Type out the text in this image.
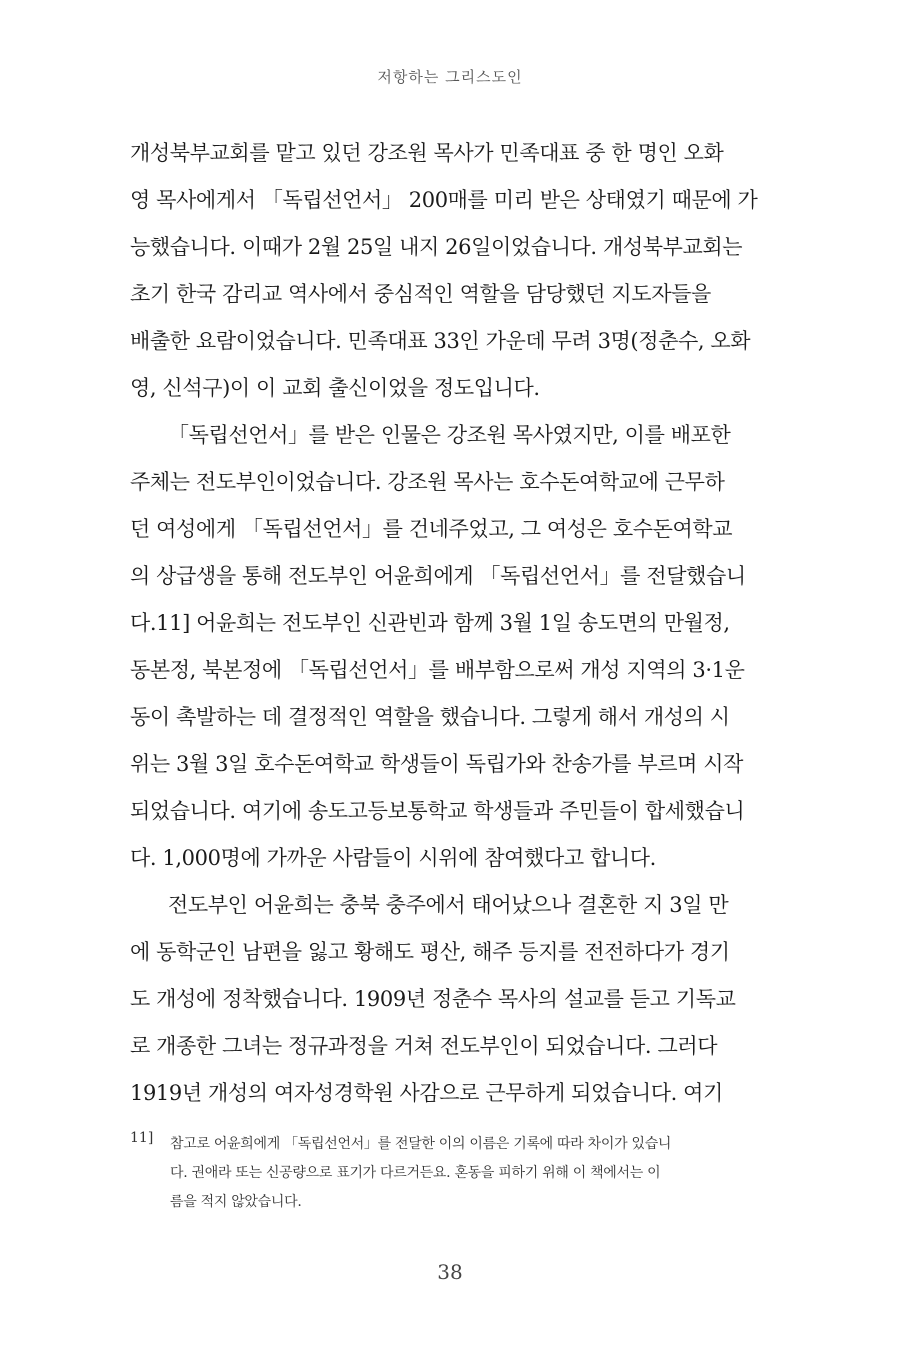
저항하는 그리스도인
개성북부교회를 맡고 있던 강조원 목사가 민족대표 중 한 명인 오화
영 목사에게서 「독립선언서」 200매를 미리 받은 상태였기 때문에 가
능했습니다. 이때가 2월 25일 내지 26일이었습니다. 개성북부교회는
초기 한국 감리교 역사에서 중심적인 역할을 담당했던 지도자들을
배출한 요람이었습니다. 민족대표 33인 가운데 무려 3명(정춘수, 오화
영, 신석구)이 이 교회 출신이었을 정도입니다.
「독립선언서」를 받은 인물은 강조원 목사였지만, 이를 배포한
주체는 전도부인이었습니다. 강조원 목사는 호수돈여학교에 근무하
던 여성에게 「독립선언서」를 건네주었고, 그 여성은 호수돈여학교
의 상급생을 통해 전도부인 어윤희에게 「독립선언서」를 전달했습니
다.11] 어윤희는 전도부인 신관빈과 함께 3월 1일 송도면의 만월정,
동본정, 북본정에 「독립선언서」를 배부함으로써 개성 지역의 3·1운
동이 촉발하는 데 결정적인 역할을 했습니다. 그렇게 해서 개성의 시
위는 3월 3일 호수돈여학교 학생들이 독립가와 찬송가를 부르며 시작
되었습니다. 여기에 송도고등보통학교 학생들과 주민들이 합세했습니
다. 1,000명에 가까운 사람들이 시위에 참여했다고 합니다.
전도부인 어윤희는 충북 충주에서 태어났으나 결혼한 지 3일 만
에 동학군인 남편을 잃고 황해도 평산, 해주 등지를 전전하다가 경기
도 개성에 정착했습니다. 1909년 정춘수 목사의 설교를 듣고 기독교
로 개종한 그녀는 정규과정을 거쳐 전도부인이 되었습니다. 그러다
1919년 개성의 여자성경학원 사감으로 근무하게 되었습니다. 여기
11]	참고로 어윤희에게 「독립선언서」를 전달한 이의 이름은 기록에 따라 차이가 있습니
다. 권애라 또는 신공량으로 표기가 다르거든요. 혼동을 피하기 위해 이 책에서는 이
름을 적지 않았습니다.
38
